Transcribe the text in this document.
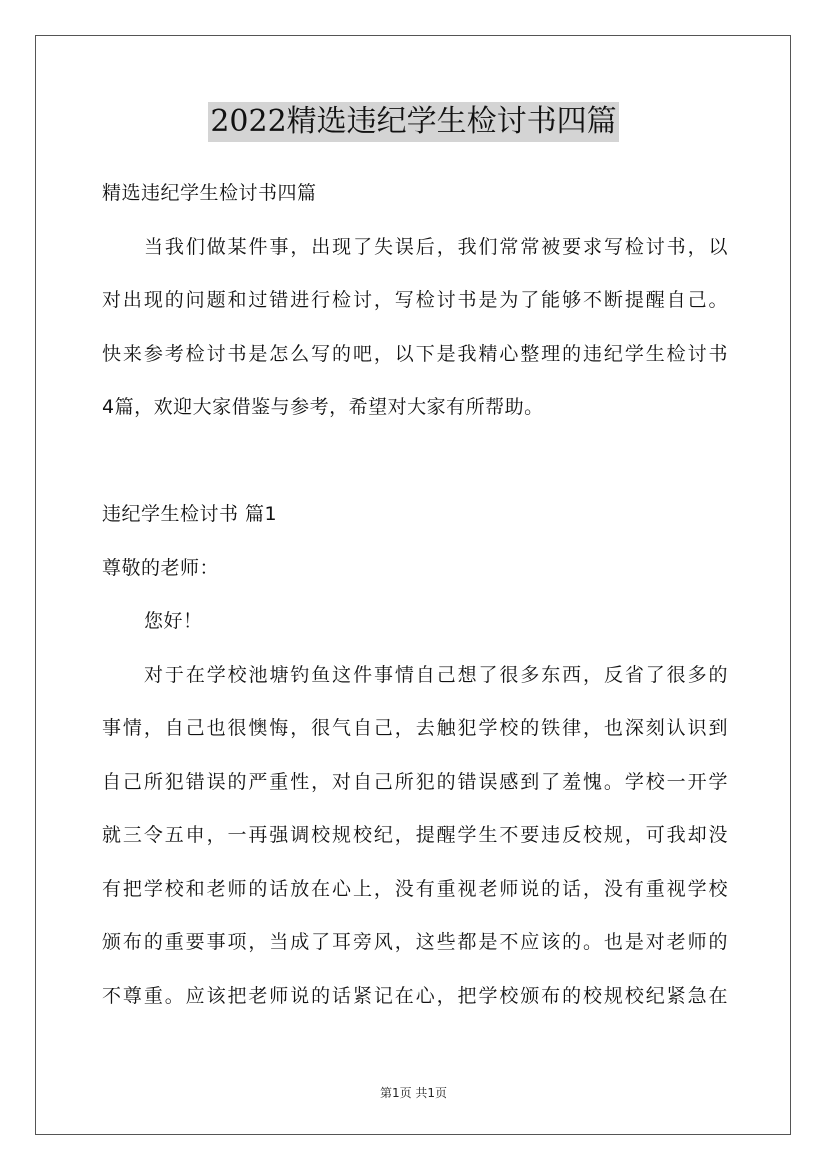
2022精选违纪学生检讨书四篇
精选违纪学生检讨书四篇
当我们做某件事，出现了失误后，我们常常被要求写检讨书，以
对出现的问题和过错进行检讨，写检讨书是为了能够不断提醒自己。
快来参考检讨书是怎么写的吧，以下是我精心整理的违纪学生检讨书
4篇，欢迎大家借鉴与参考，希望对大家有所帮助。
违纪学生检讨书 篇1
尊敬的老师：
您好！
对于在学校池塘钓鱼这件事情自己想了很多东西，反省了很多的
事情，自己也很懊悔，很气自己，去触犯学校的铁律，也深刻认识到
自己所犯错误的严重性，对自己所犯的错误感到了羞愧。学校一开学
就三令五申，一再强调校规校纪，提醒学生不要违反校规，可我却没
有把学校和老师的话放在心上，没有重视老师说的话，没有重视学校
颁布的重要事项，当成了耳旁风，这些都是不应该的。也是对老师的
不尊重。应该把老师说的话紧记在心，把学校颁布的校规校纪紧急在
第1页 共1页
